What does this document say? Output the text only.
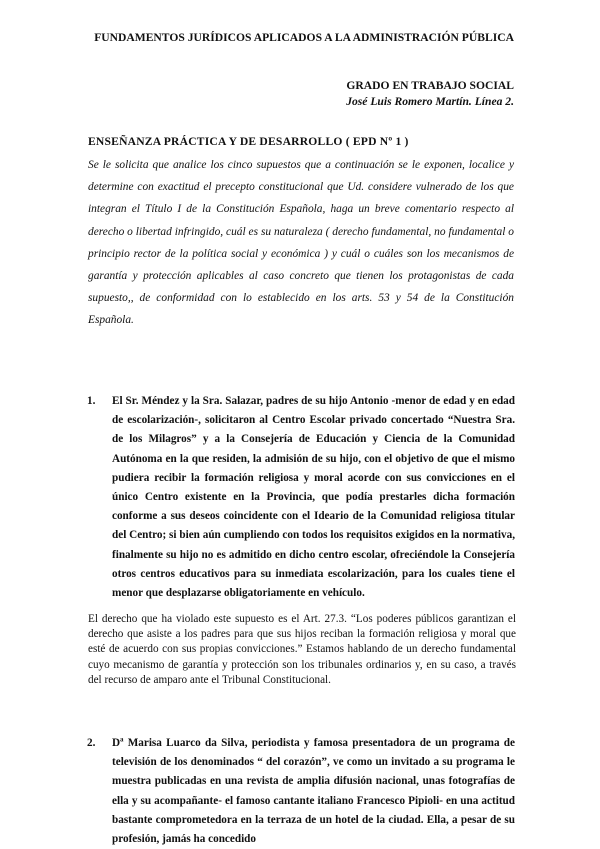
FUNDAMENTOS JURÍDICOS APLICADOS A LA ADMINISTRACIÓN PÚBLICA
GRADO EN TRABAJO SOCIAL
José Luis Romero Martín. Línea 2.
ENSEÑANZA PRÁCTICA Y DE DESARROLLO ( EPD Nº 1 )
Se le solicita que analice los cinco supuestos que a continuación se le exponen, localice y determine con exactitud el precepto constitucional que Ud. considere vulnerado de los que integran el Título I de la Constitución Española, haga un breve comentario respecto al derecho o libertad infringido, cuál es su naturaleza ( derecho fundamental, no fundamental o principio rector de la política social y económica ) y cuál o cuáles son los mecanismos de garantía y protección aplicables al caso concreto que tienen los protagonistas de cada supuesto,, de conformidad con lo establecido en los arts. 53 y 54 de la Constitución Española.
1.	El Sr. Méndez y la Sra. Salazar, padres de su hijo Antonio -menor de edad y en edad de escolarización-, solicitaron al Centro Escolar privado concertado “Nuestra Sra. de los Milagros” y a la Consejería de Educación y Ciencia de la Comunidad Autónoma en la que residen, la admisión de su hijo, con el objetivo de que el mismo pudiera recibir la formación religiosa y moral acorde con sus convicciones en el único Centro existente en la Provincia, que podía prestarles dicha formación conforme a sus deseos coincidente con el Ideario de la Comunidad religiosa titular del Centro; si bien aún cumpliendo con todos los requisitos exigidos en la normativa, finalmente su hijo no es admitido en dicho centro escolar, ofreciéndole la Consejería otros centros educativos para su inmediata escolarización, para los cuales tiene el menor que desplazarse obligatoriamente en vehículo.
El derecho que ha violado este supuesto es el Art. 27.3. “Los poderes públicos garantizan el derecho que asiste a los padres para que sus hijos reciban la formación religiosa y moral que esté de acuerdo con sus propias convicciones.” Estamos hablando de un derecho fundamental cuyo mecanismo de garantía y protección son los tribunales ordinarios y, en su caso, a través del recurso de amparo ante el Tribunal Constitucional.
2.	Dª Marisa Luarco da Silva, periodista y famosa presentadora de un programa de televisión de los denominados “ del corazón”, ve como un invitado a su programa le muestra publicadas en una revista de amplia difusión nacional, unas fotografías de ella y su acompañante- el famoso cantante italiano Francesco Pipioli- en una actitud bastante comprometedora en la terraza de un hotel de la ciudad. Ella, a pesar de su profesión, jamás ha concedido
